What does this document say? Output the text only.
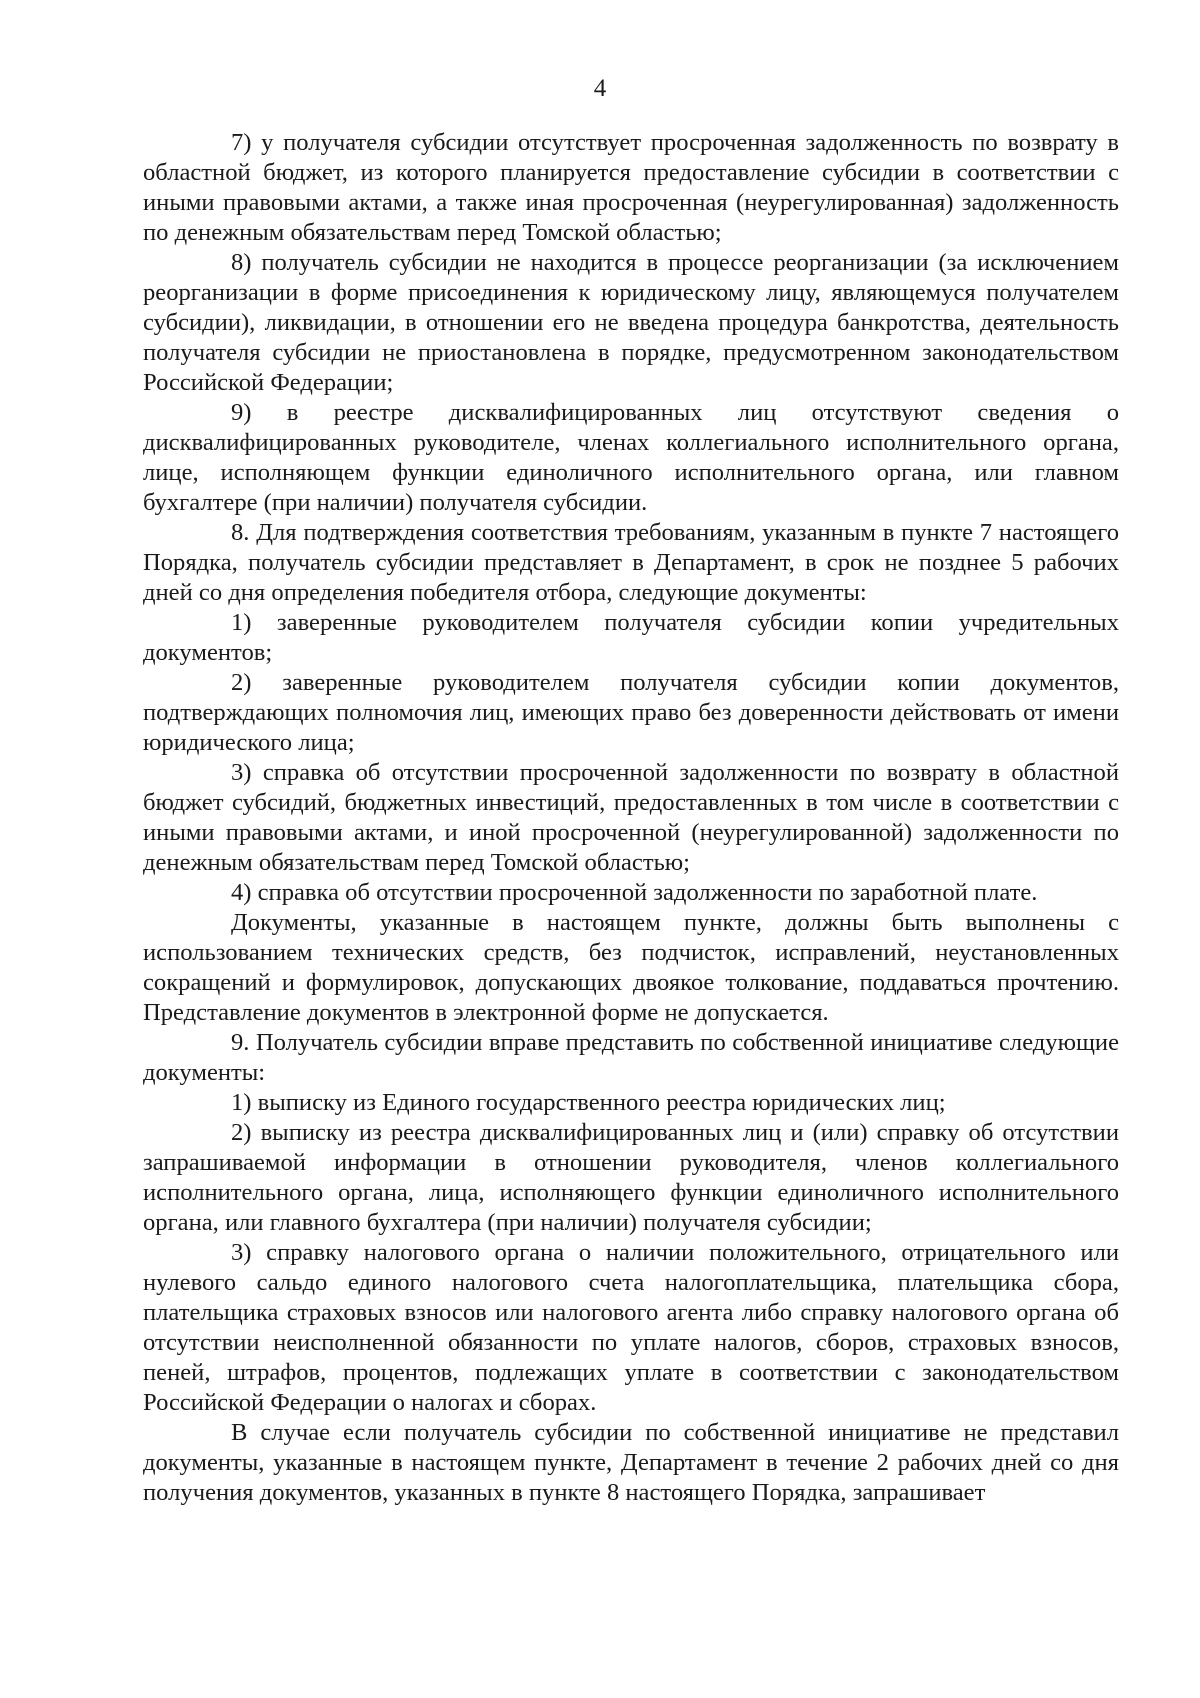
4

7) у получателя субсидии отсутствует просроченная задолженность по возврату в областной бюджет, из которого планируется предоставление субсидии в соответствии с иными правовыми актами, а также иная просроченная (неурегулированная) задолженность по денежным обязательствам перед Томской областью;

8) получатель субсидии не находится в процессе реорганизации (за исключением реорганизации в форме присоединения к юридическому лицу, являющемуся получателем субсидии), ликвидации, в отношении его не введена процедура банкротства, деятельность получателя субсидии не приостановлена в порядке, предусмотренном законодательством Российской Федерации;

9) в реестре дисквалифицированных лиц отсутствуют сведения о дисквалифицированных руководителе, членах коллегиального исполнительного органа, лице, исполняющем функции единоличного исполнительного органа, или главном бухгалтере (при наличии) получателя субсидии.

8. Для подтверждения соответствия требованиям, указанным в пункте 7 настоящего Порядка, получатель субсидии представляет в Департамент, в срок не позднее 5 рабочих дней со дня определения победителя отбора, следующие документы:

1) заверенные руководителем получателя субсидии копии учредительных документов;

2) заверенные руководителем получателя субсидии копии документов, подтверждающих полномочия лиц, имеющих право без доверенности действовать от имени юридического лица;

3) справка об отсутствии просроченной задолженности по возврату в областной бюджет субсидий, бюджетных инвестиций, предоставленных в том числе в соответствии с иными правовыми актами, и иной просроченной (неурегулированной) задолженности по денежным обязательствам перед Томской областью;

4) справка об отсутствии просроченной задолженности по заработной плате.

Документы, указанные в настоящем пункте, должны быть выполнены с использованием технических средств, без подчисток, исправлений, неустановленных сокращений и формулировок, допускающих двоякое толкование, поддаваться прочтению. Представление документов в электронной форме не допускается.

9. Получатель субсидии вправе представить по собственной инициативе следующие документы:

1) выписку из Единого государственного реестра юридических лиц;

2) выписку из реестра дисквалифицированных лиц и (или) справку об отсутствии запрашиваемой информации в отношении руководителя, членов коллегиального исполнительного органа, лица, исполняющего функции единоличного исполнительного органа, или главного бухгалтера (при наличии) получателя субсидии;

3) справку налогового органа о наличии положительного, отрицательного или нулевого сальдо единого налогового счета налогоплательщика, плательщика сбора, плательщика страховых взносов или налогового агента либо справку налогового органа об отсутствии неисполненной обязанности по уплате налогов, сборов, страховых взносов, пеней, штрафов, процентов, подлежащих уплате в соответствии с законодательством Российской Федерации о налогах и сборах.

В случае если получатель субсидии по собственной инициативе не представил документы, указанные в настоящем пункте, Департамент в течение 2 рабочих дней со дня получения документов, указанных в пункте 8 настоящего Порядка, запрашивает
